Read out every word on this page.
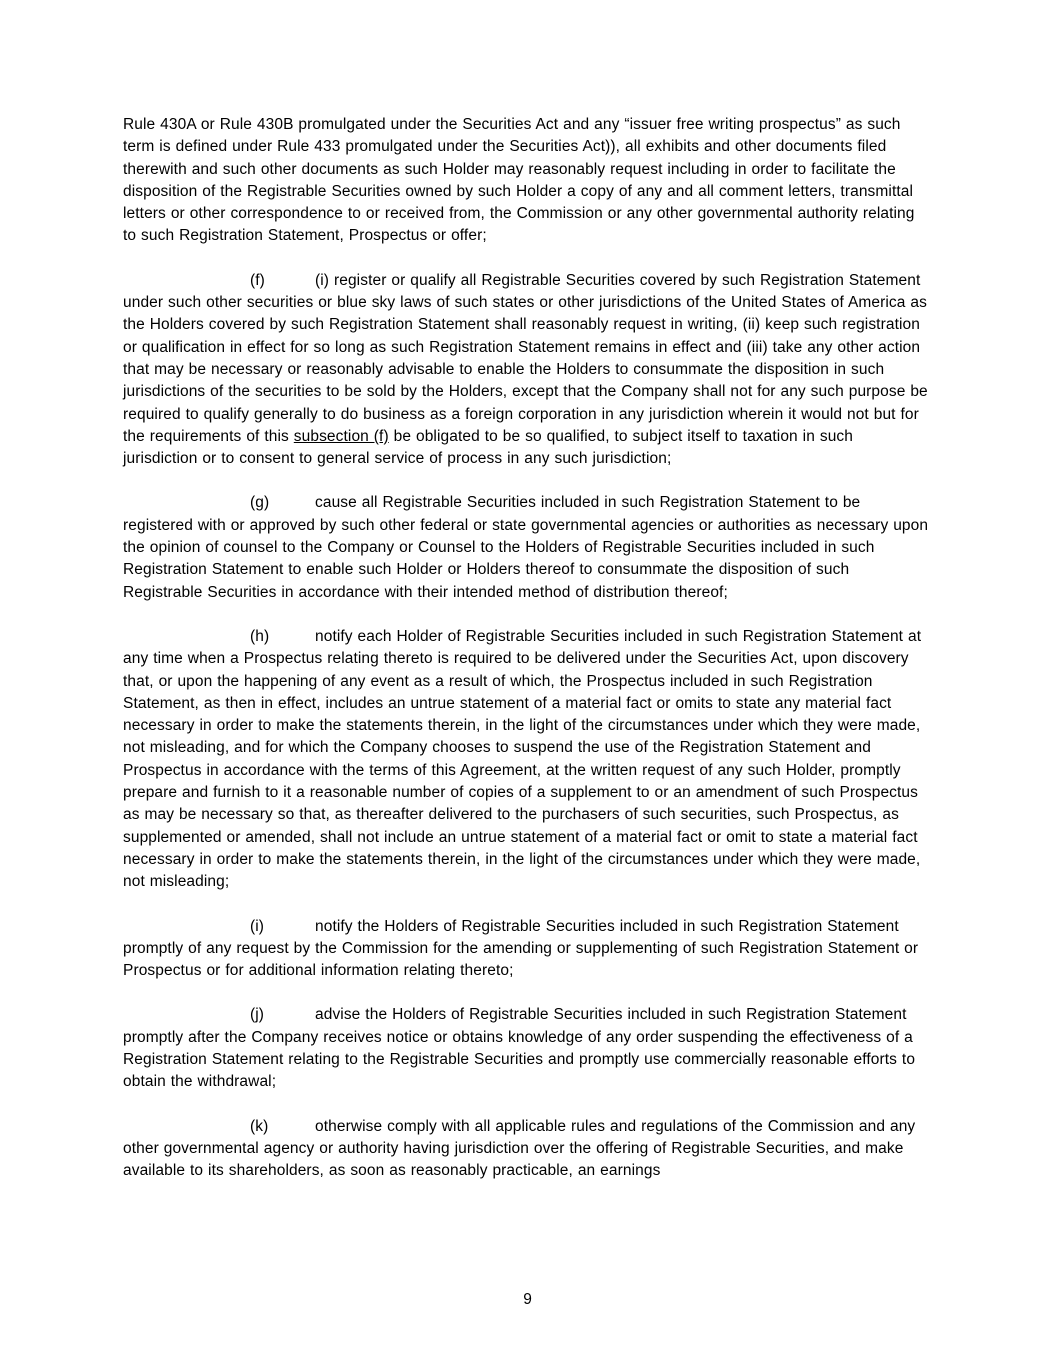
Rule 430A or Rule 430B promulgated under the Securities Act and any “issuer free writing prospectus” as such term is defined under Rule 433 promulgated under the Securities Act)), all exhibits and other documents filed therewith and such other documents as such Holder may reasonably request including in order to facilitate the disposition of the Registrable Securities owned by such Holder a copy of any and all comment letters, transmittal letters or other correspondence to or received from, the Commission or any other governmental authority relating to such Registration Statement, Prospectus or offer;

(f)	(i) register or qualify all Registrable Securities covered by such Registration Statement under such other securities or blue sky laws of such states or other jurisdictions of the United States of America as the Holders covered by such Registration Statement shall reasonably request in writing, (ii) keep such registration or qualification in effect for so long as such Registration Statement remains in effect and (iii) take any other action that may be necessary or reasonably advisable to enable the Holders to consummate the disposition in such jurisdictions of the securities to be sold by the Holders, except that the Company shall not for any such purpose be required to qualify generally to do business as a foreign corporation in any jurisdiction wherein it would not but for the requirements of this subsection (f) be obligated to be so qualified, to subject itself to taxation in such jurisdiction or to consent to general service of process in any such jurisdiction;

(g)	cause all Registrable Securities included in such Registration Statement to be registered with or approved by such other federal or state governmental agencies or authorities as necessary upon the opinion of counsel to the Company or Counsel to the Holders of Registrable Securities included in such Registration Statement to enable such Holder or Holders thereof to consummate the disposition of such Registrable Securities in accordance with their intended method of distribution thereof;

(h)	notify each Holder of Registrable Securities included in such Registration Statement at any time when a Prospectus relating thereto is required to be delivered under the Securities Act, upon discovery that, or upon the happening of any event as a result of which, the Prospectus included in such Registration Statement, as then in effect, includes an untrue statement of a material fact or omits to state any material fact necessary in order to make the statements therein, in the light of the circumstances under which they were made, not misleading, and for which the Company chooses to suspend the use of the Registration Statement and Prospectus in accordance with the terms of this Agreement, at the written request of any such Holder, promptly prepare and furnish to it a reasonable number of copies of a supplement to or an amendment of such Prospectus as may be necessary so that, as thereafter delivered to the purchasers of such securities, such Prospectus, as supplemented or amended, shall not include an untrue statement of a material fact or omit to state a material fact necessary in order to make the statements therein, in the light of the circumstances under which they were made, not misleading;

(i)	notify the Holders of Registrable Securities included in such Registration Statement promptly of any request by the Commission for the amending or supplementing of such Registration Statement or Prospectus or for additional information relating thereto;

(j)	advise the Holders of Registrable Securities included in such Registration Statement promptly after the Company receives notice or obtains knowledge of any order suspending the effectiveness of a Registration Statement relating to the Registrable Securities and promptly use commercially reasonable efforts to obtain the withdrawal;

(k)	otherwise comply with all applicable rules and regulations of the Commission and any other governmental agency or authority having jurisdiction over the offering of Registrable Securities, and make available to its shareholders, as soon as reasonably practicable, an earnings

9
